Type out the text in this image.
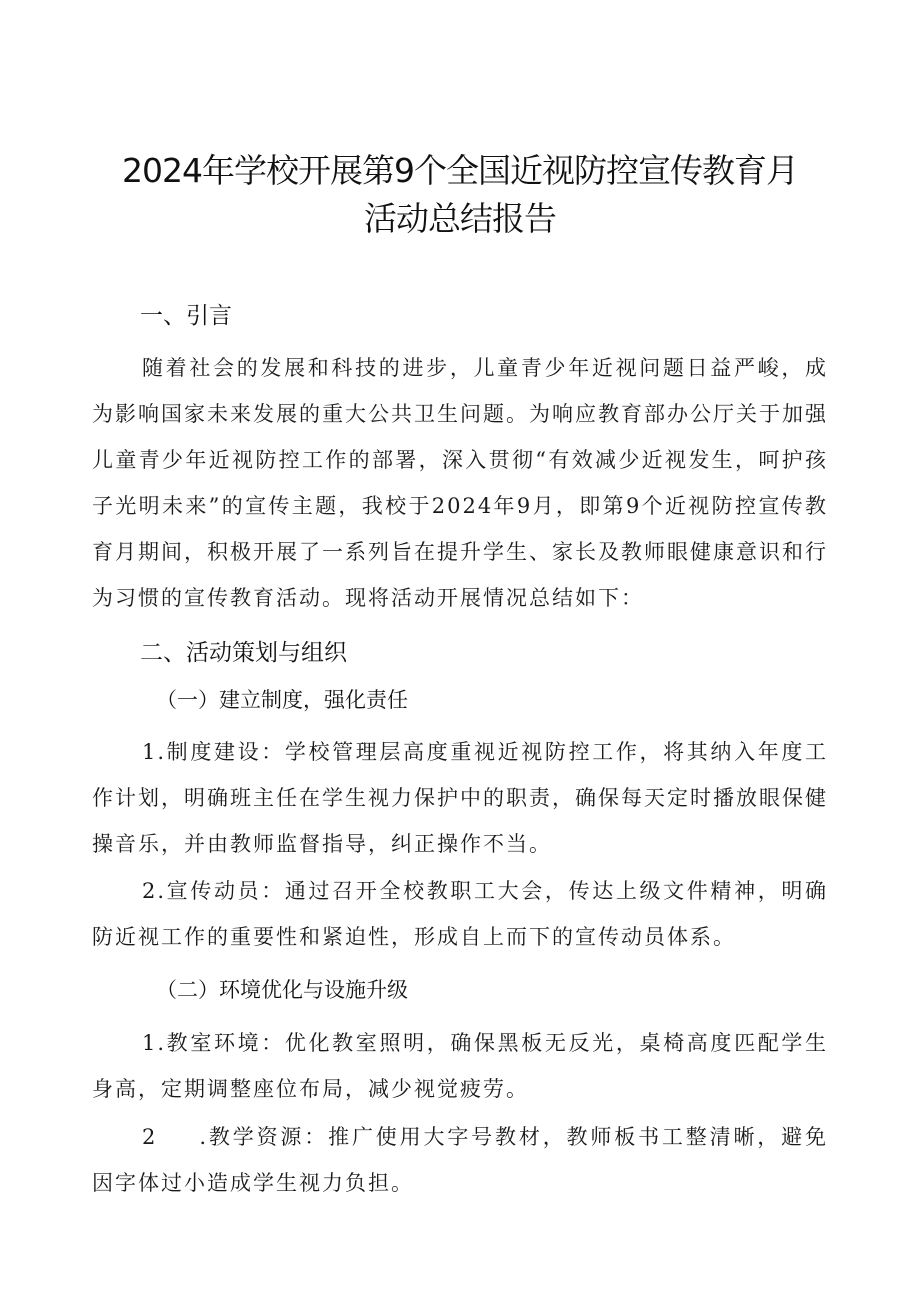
2024年学校开展第9个全国近视防控宣传教育月
活动总结报告
一、引言
随着社会的发展和科技的进步，儿童青少年近视问题日益严峻，成为影响国家未来发展的重大公共卫生问题。为响应教育部办公厅关于加强儿童青少年近视防控工作的部署，深入贯彻“有效减少近视发生，呵护孩子光明未来”的宣传主题，我校于2024年9月，即第9个近视防控宣传教育月期间，积极开展了一系列旨在提升学生、家长及教师眼健康意识和行为习惯的宣传教育活动。现将活动开展情况总结如下：
二、活动策划与组织
（一）建立制度，强化责任
1.制度建设：学校管理层高度重视近视防控工作，将其纳入年度工作计划，明确班主任在学生视力保护中的职责，确保每天定时播放眼保健操音乐，并由教师监督指导，纠正操作不当。
2.宣传动员：通过召开全校教职工大会，传达上级文件精神，明确防近视工作的重要性和紧迫性，形成自上而下的宣传动员体系。
（二）环境优化与设施升级
1.教室环境：优化教室照明，确保黑板无反光，桌椅高度匹配学生身高，定期调整座位布局，减少视觉疲劳。
2 .教学资源：推广使用大字号教材，教师板书工整清晰，避免因字体过小造成学生视力负担。
